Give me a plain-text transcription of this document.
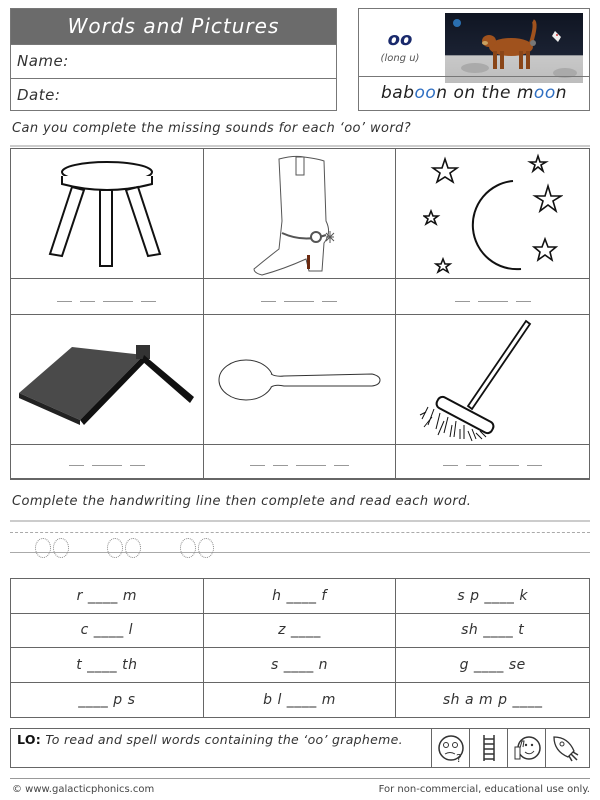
Words and Pictures
Name:
Date:
oo
(long u)
baboon on the moon
Can you complete the missing sounds for each ‘oo’ word?
Complete the handwriting line then complete and read each word.
r ____ m	h ____ f	s p ____ k
c ____ l	z ____	sh ____ t
t ____ th	s ____ n	g ____ se
____ p s	b l ____ m	sh a m p ____
LO: To read and spell words containing the ‘oo’ grapheme.
?
© www.galacticphonics.com	For non-commercial, educational use only.
